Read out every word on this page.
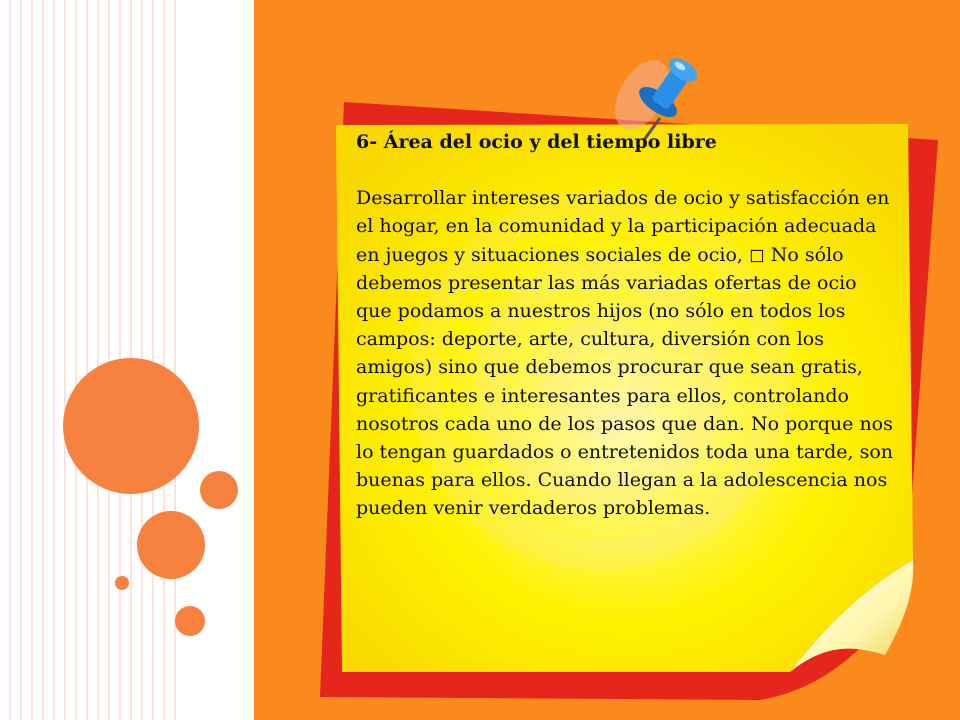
6- Área del ocio y del tiempo libre

Desarrollar intereses variados de ocio y satisfacción en el hogar, en la comunidad y la participación adecuada en juegos y situaciones sociales de ocio, ◻ No sólo debemos presentar las más variadas ofertas de ocio que podamos a nuestros hijos (no sólo en todos los campos: deporte, arte, cultura, diversión con los amigos) sino que debemos procurar que sean gratis, gratificantes e interesantes para ellos, controlando nosotros cada uno de los pasos que dan. No porque nos lo tengan guardados o entretenidos toda una tarde, son buenas para ellos. Cuando llegan a la adolescencia nos pueden venir verdaderos problemas.
